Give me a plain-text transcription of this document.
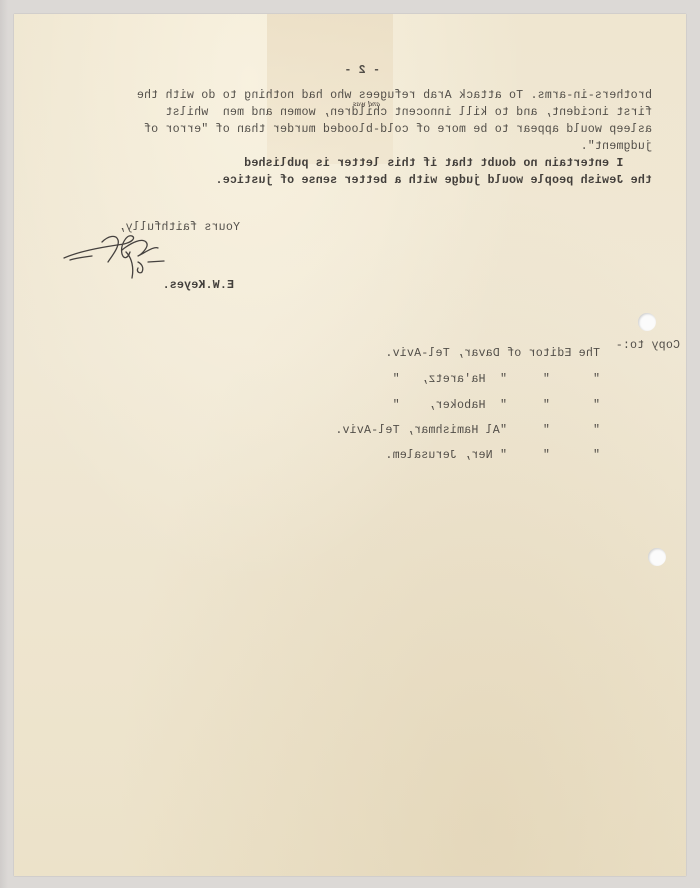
- 2 -
brothers-in-arms. To attack Arab refugees who had nothing to do with the
and was
first incident, and to kill innocent children, women and men  whilst
asleep would appear to be more of cold-blooded murder than of "error of
judgment".
I entertain no doubt that if this letter is published
the Jewish people would judge with a better sense of justice.
Yours faithfully,
E.W.Keyes.
Copy to:-
The Editor of Davar, Tel-Aviv.
"      "     "  Ha'aretz,   "
"      "     "  Haboker,    "
"      "     "Al Hamishmar, Tel-Aviv.
"      "     " Ner, Jerusalem.
